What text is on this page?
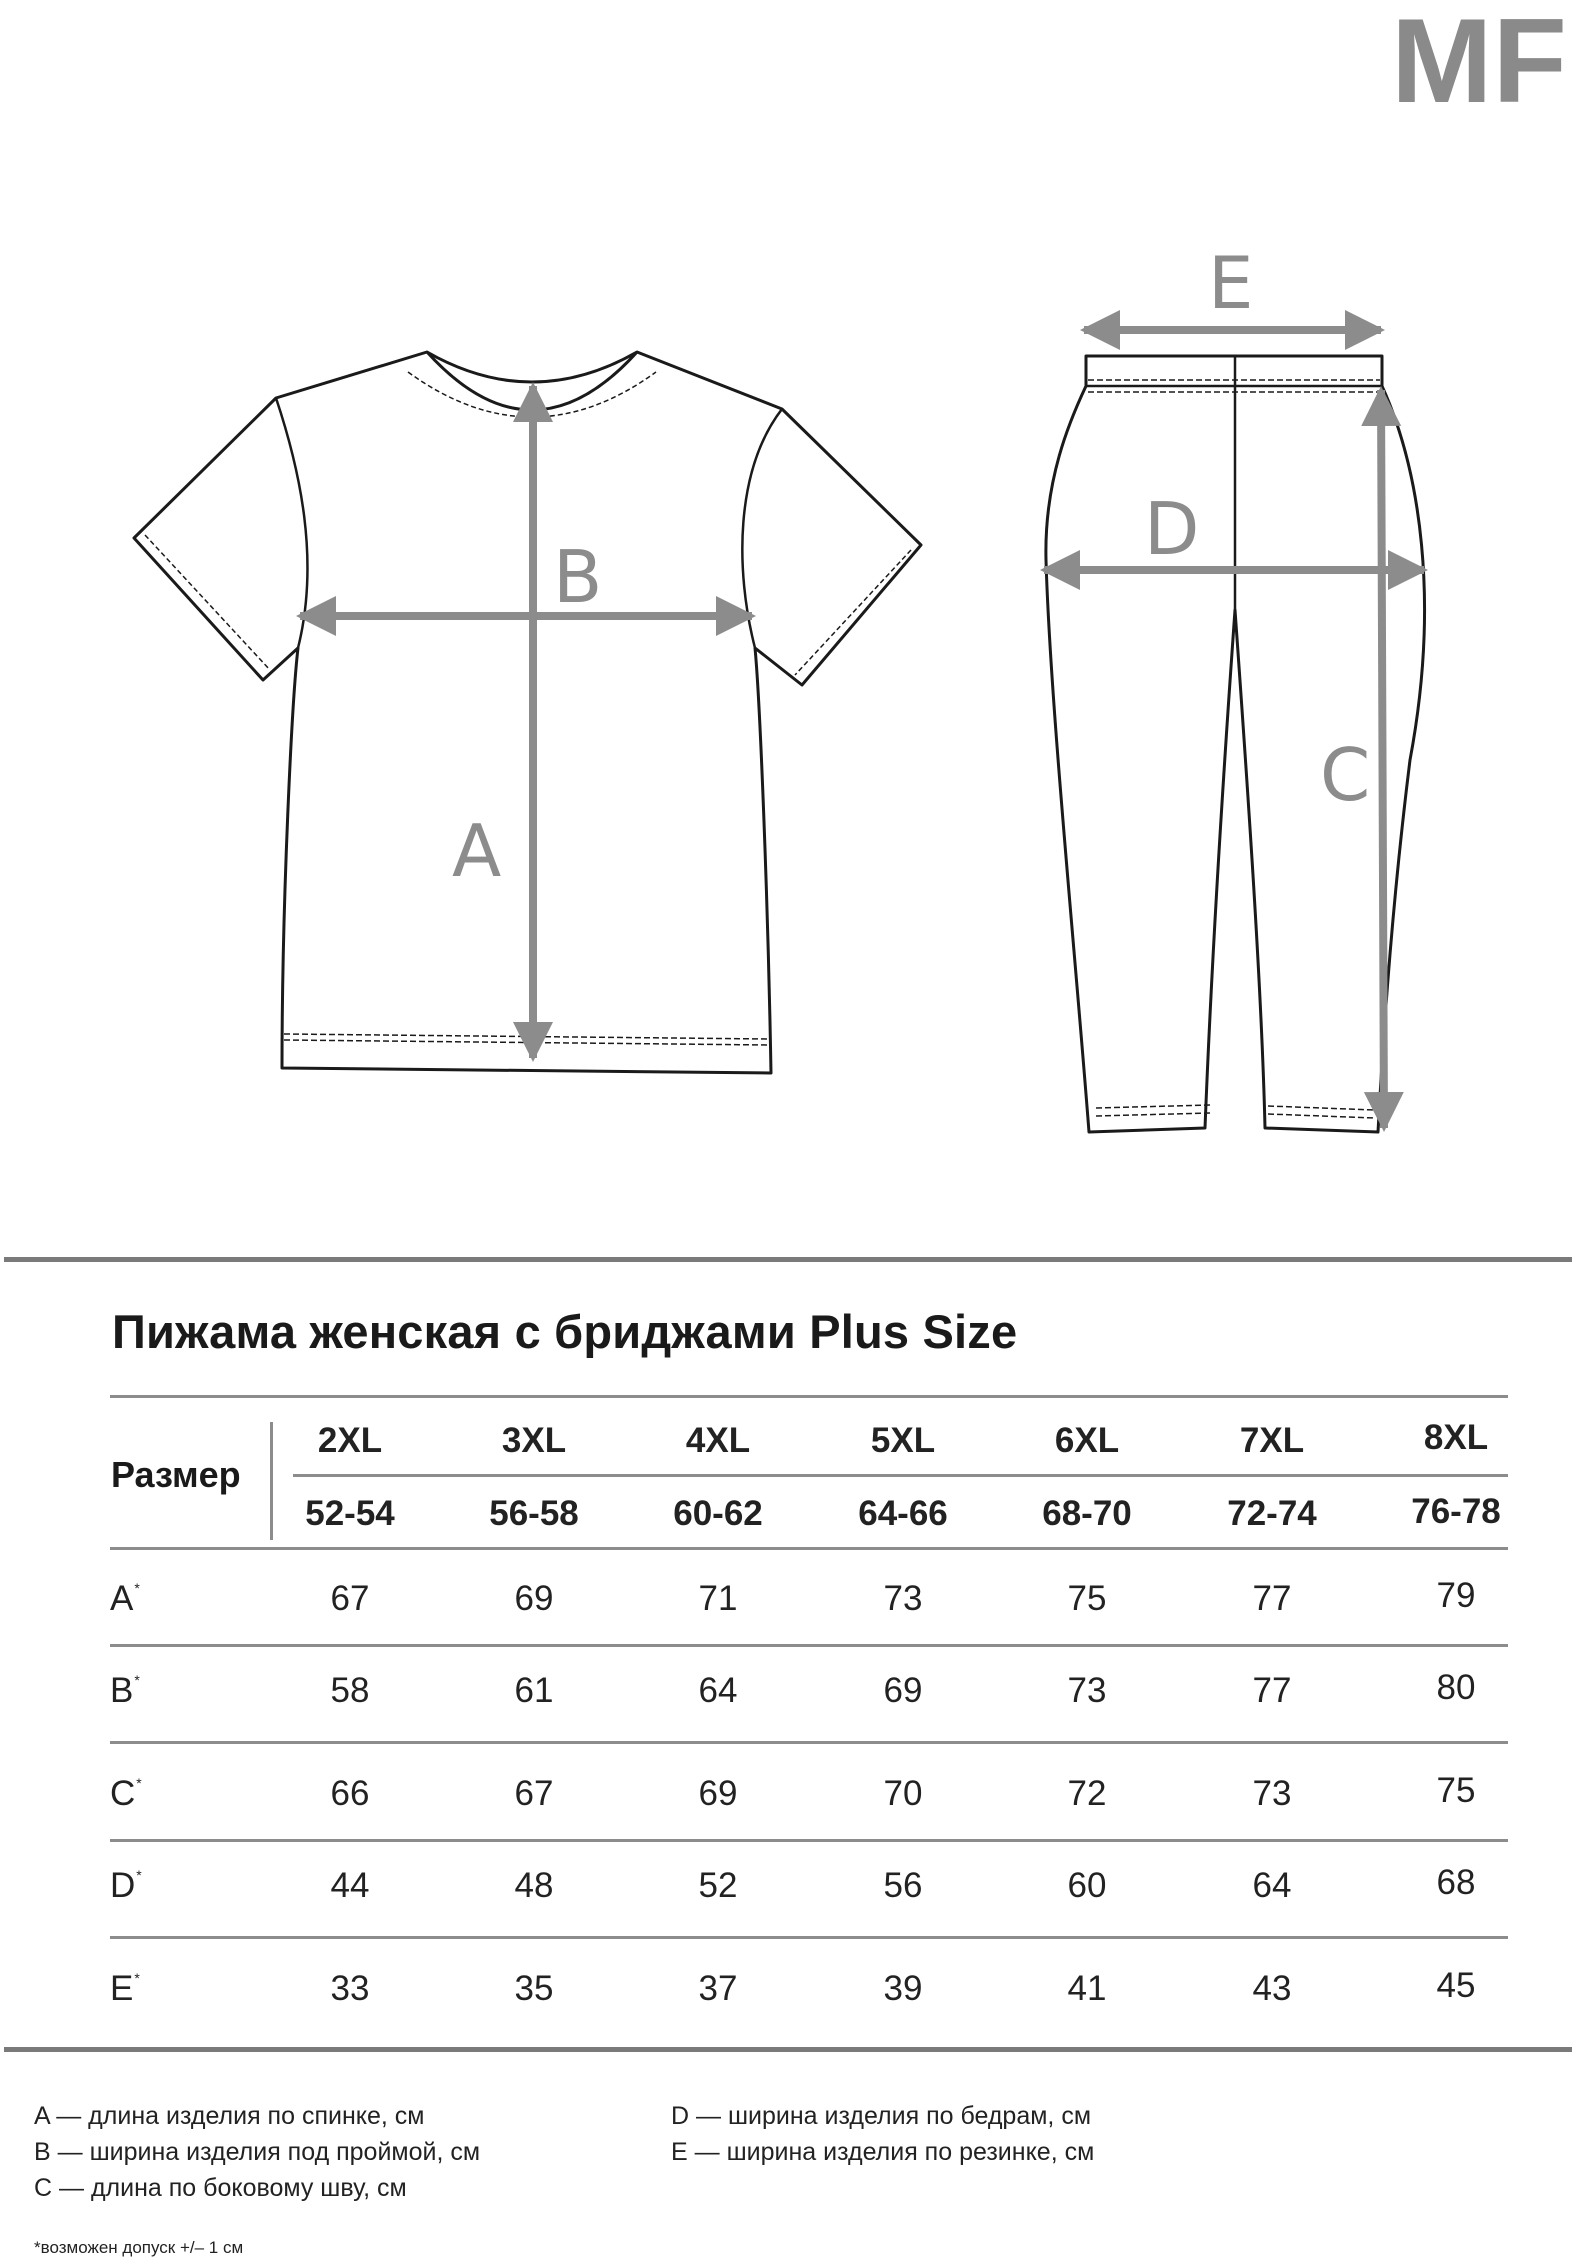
MF
A
B
E
D
C
Пижама женская с бриджами Plus Size
Размер
2XL	3XL	4XL	5XL	6XL	7XL	8XL
52-54	56-58	60-62	64-66	68-70	72-74	76-78
A*	67	69	71	73	75	77	79
B*	58	61	64	69	73	77	80
C*	66	67	69	70	72	73	75
D*	44	48	52	56	60	64	68
E*	33	35	37	39	41	43	45
A — длина изделия по спинке, см
B — ширина изделия под проймой, см
C — длина по боковому шву, см
D — ширина изделия по бедрам, см
E — ширина изделия по резинке, см
*возможен допуск +/– 1 см
